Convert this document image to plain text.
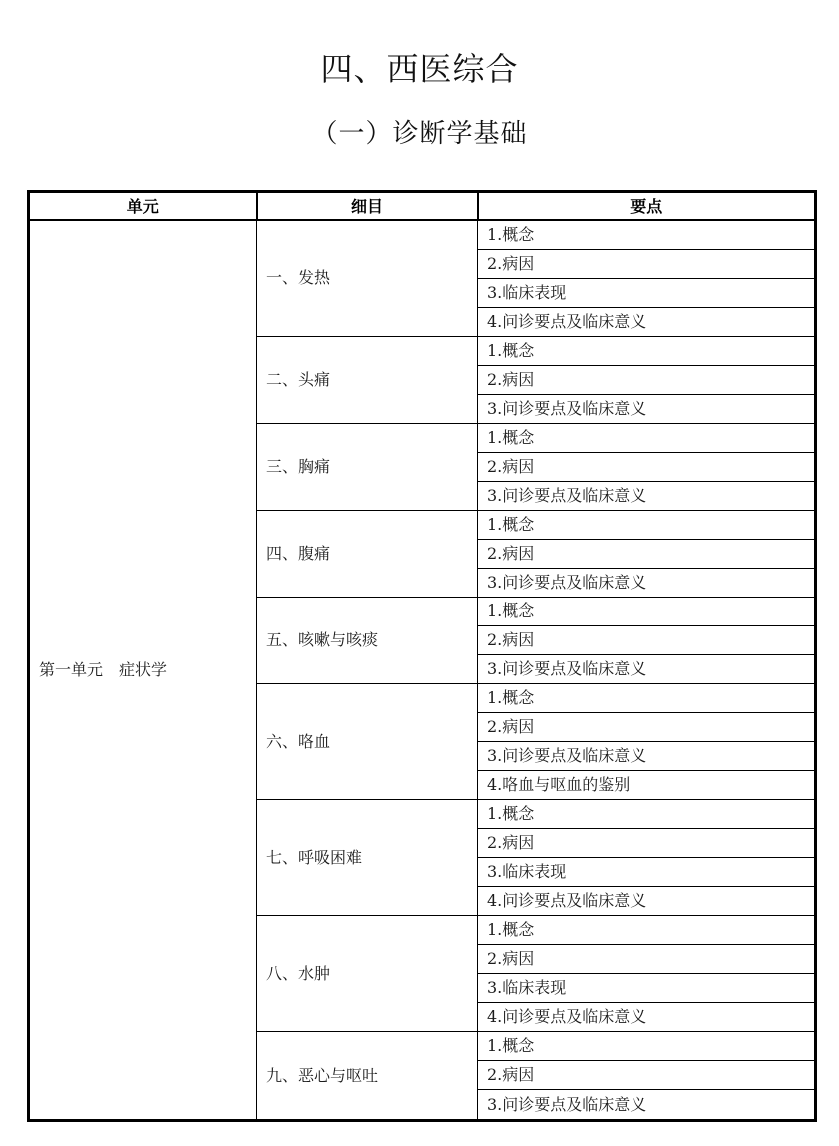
四、西医综合
（一）诊断学基础
单元	细目	要点
第一单元　症状学	一、发热	1.概念
		2.病因
		3.临床表现
		4.问诊要点及临床意义
	二、头痛	1.概念
		2.病因
		3.问诊要点及临床意义
	三、胸痛	1.概念
		2.病因
		3.问诊要点及临床意义
	四、腹痛	1.概念
		2.病因
		3.问诊要点及临床意义
	五、咳嗽与咳痰	1.概念
		2.病因
		3.问诊要点及临床意义
	六、咯血	1.概念
		2.病因
		3.问诊要点及临床意义
		4.咯血与呕血的鉴别
	七、呼吸困难	1.概念
		2.病因
		3.临床表现
		4.问诊要点及临床意义
	八、水肿	1.概念
		2.病因
		3.临床表现
		4.问诊要点及临床意义
	九、恶心与呕吐	1.概念
		2.病因
		3.问诊要点及临床意义
